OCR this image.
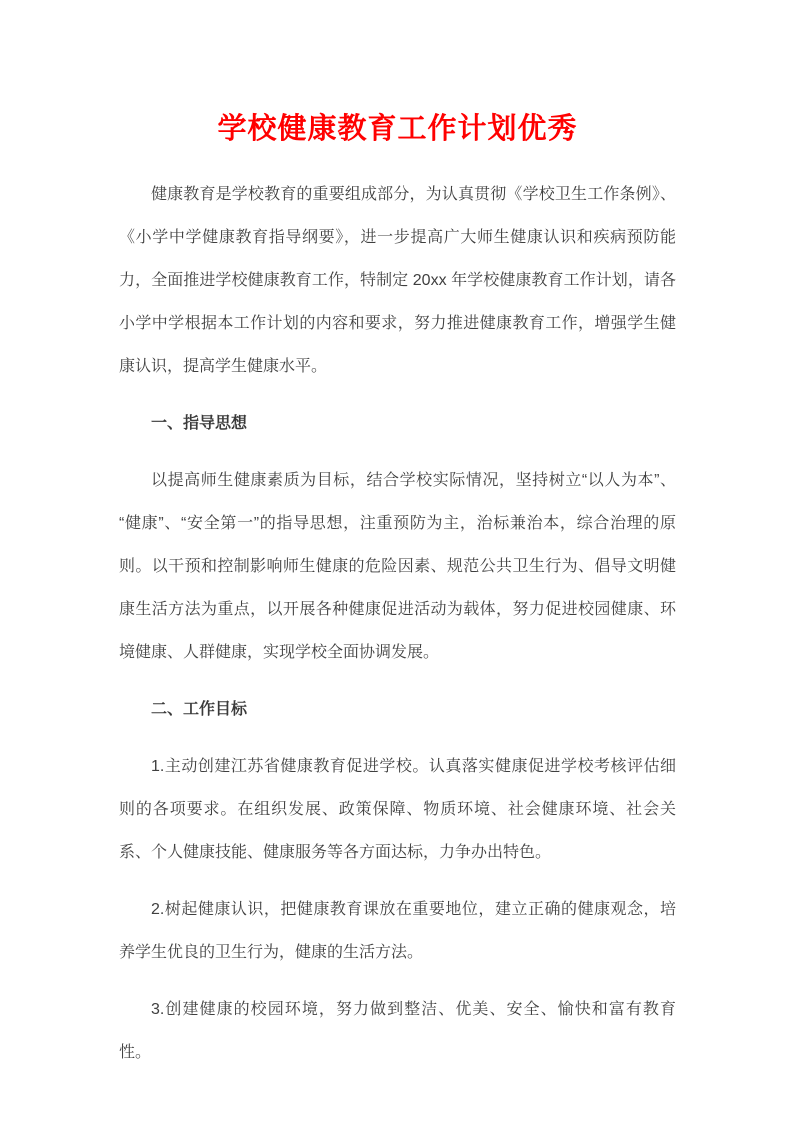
学校健康教育工作计划优秀

健康教育是学校教育的重要组成部分，为认真贯彻《学校卫生工作条例》、《小学中学健康教育指导纲要》，进一步提高广大师生健康认识和疾病预防能力，全面推进学校健康教育工作，特制定 20xx 年学校健康教育工作计划，请各小学中学根据本工作计划的内容和要求，努力推进健康教育工作，增强学生健康认识，提高学生健康水平。

一、指导思想

以提高师生健康素质为目标，结合学校实际情况，坚持树立“以人为本”、“健康”、“安全第一”的指导思想，注重预防为主，治标兼治本，综合治理的原则。以干预和控制影响师生健康的危险因素、规范公共卫生行为、倡导文明健康生活方法为重点，以开展各种健康促进活动为载体，努力促进校园健康、环境健康、人群健康，实现学校全面协调发展。

二、工作目标

1.主动创建江苏省健康教育促进学校。认真落实健康促进学校考核评估细则的各项要求。在组织发展、政策保障、物质环境、社会健康环境、社会关系、个人健康技能、健康服务等各方面达标，力争办出特色。

2.树起健康认识，把健康教育课放在重要地位，建立正确的健康观念，培养学生优良的卫生行为，健康的生活方法。

3.创建健康的校园环境，努力做到整洁、优美、安全、愉快和富有教育性。
